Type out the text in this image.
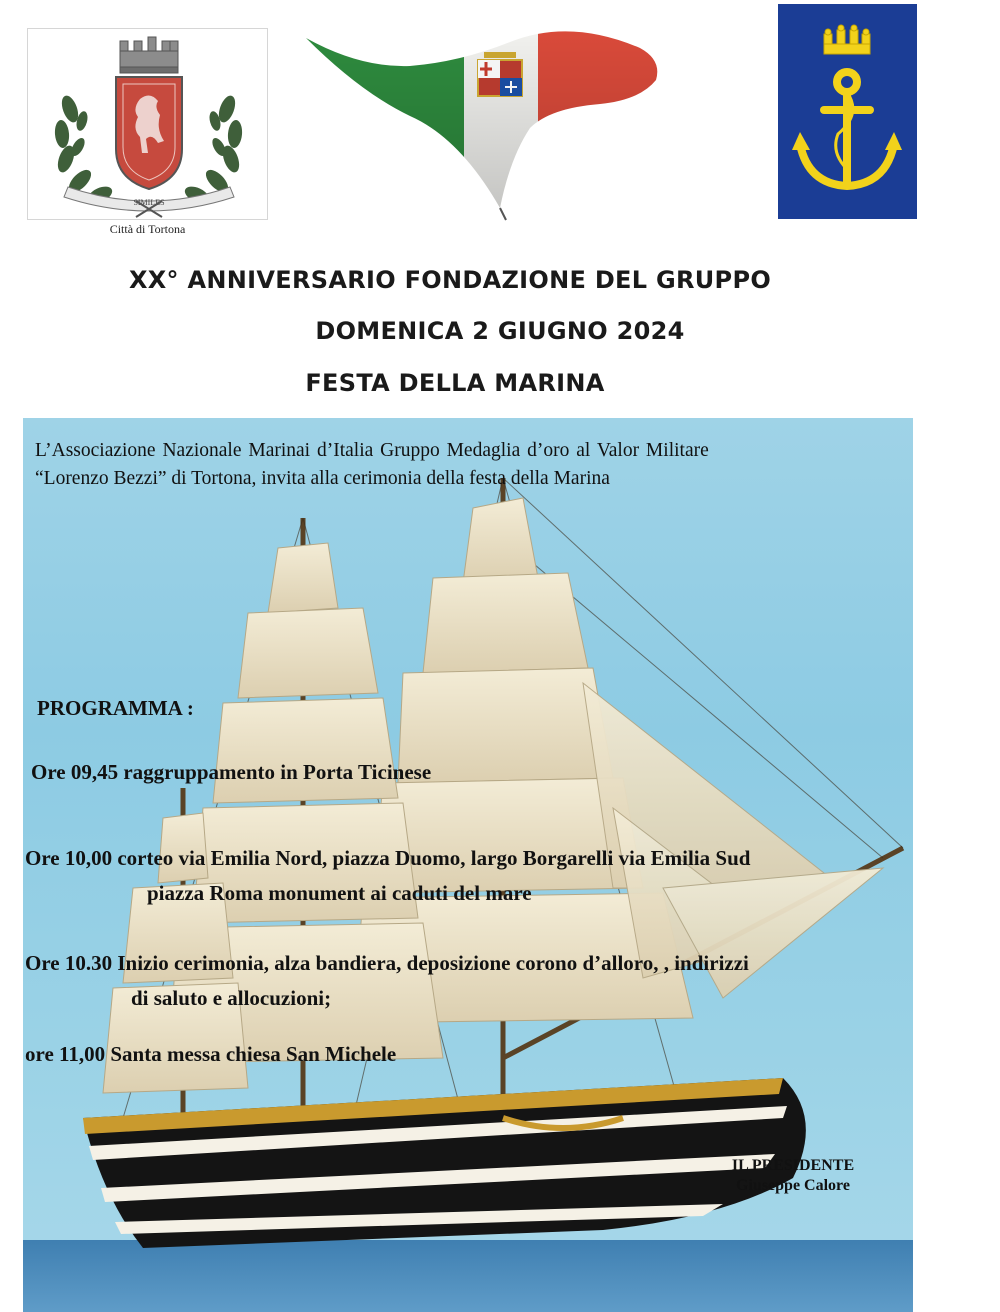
SIMILES
Città di Tortona
XX° ANNIVERSARIO FONDAZIONE DEL GRUPPO
DOMENICA 2 GIUGNO 2024
FESTA DELLA MARINA
L’Associazione Nazionale Marinai d’Italia Gruppo Medaglia d’oro al Valor Militare
“Lorenzo Bezzi” di Tortona, invita alla cerimonia della festa della Marina
PROGRAMMA :
Ore 09,45 raggruppamento in Porta Ticinese
Ore 10,00 corteo via Emilia Nord, piazza Duomo, largo Borgarelli via Emilia Sud
piazza Roma monument ai caduti del mare
Ore 10.30 Inizio cerimonia, alza bandiera, deposizione corono d’alloro, , indirizzi
di saluto e allocuzioni;
ore 11,00 Santa messa chiesa San Michele
IL PRESIDENTE
Giuseppe Calore
